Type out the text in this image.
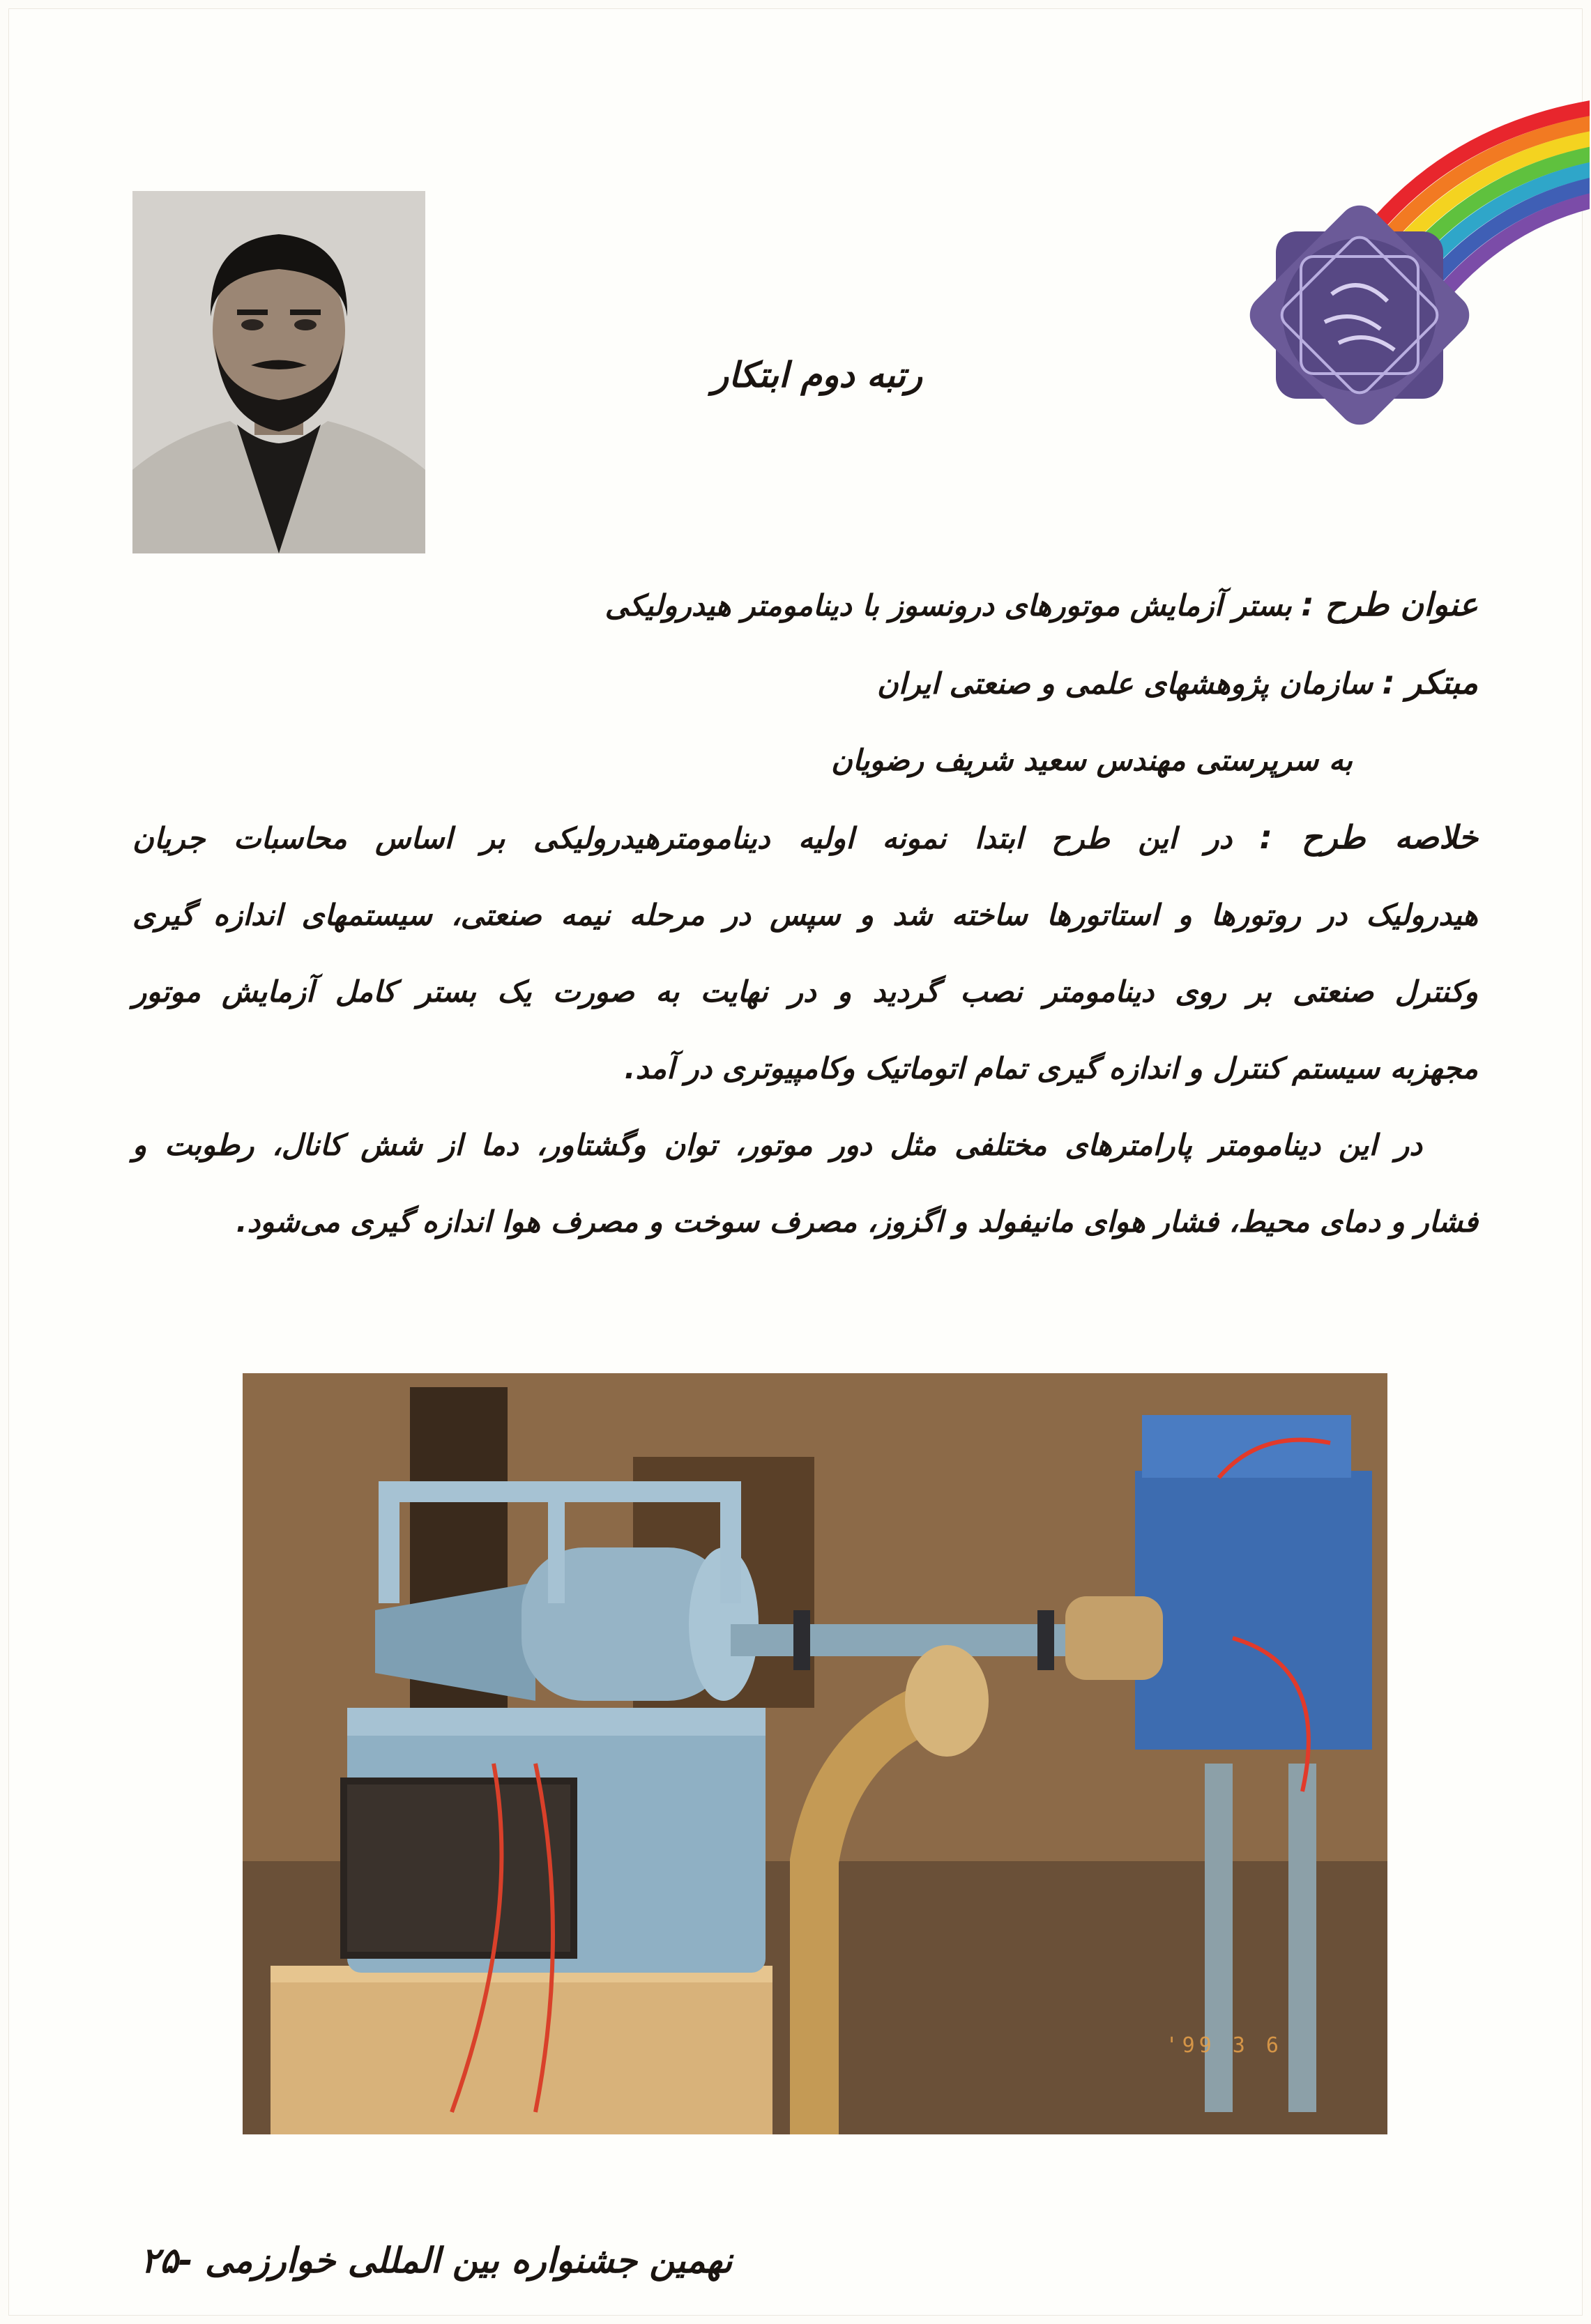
رتبه دوم ابتکار
عنوان طرح : بستر آزمایش موتورهای درونسوز با دینامومتر هیدرولیکی
مبتکر : سازمان پژوهشهای علمی و صنعتی ایران
به سرپرستی مهندس سعید شریف رضویان
خلاصه طرح : در این طرح ابتدا نمونه اولیه دینامومترهیدرولیکی بر اساس محاسبات جریان
هیدرولیک در روتورها و استاتورها ساخته شد و سپس در مرحله نیمه صنعتی، سیستمهای اندازه گیری
وکنترل صنعتی بر روی دینامومتر نصب گردید و در نهایت به صورت یک بستر کامل آزمایش موتور
مجهزبه سیستم کنترل و اندازه گیری تمام اتوماتیک وکامپیوتری در آمد.
در این دینامومتر پارامترهای مختلفی مثل دور موتور، توان وگشتاور، دما از شش کانال، رطوبت و
فشار و دمای محیط، فشار هوای مانیفولد و اگزوز، مصرف سوخت و مصرف هوا اندازه گیری می‌شود.
'99 3 6
نهمین جشنواره بین المللی خوارزمی -۲۵
